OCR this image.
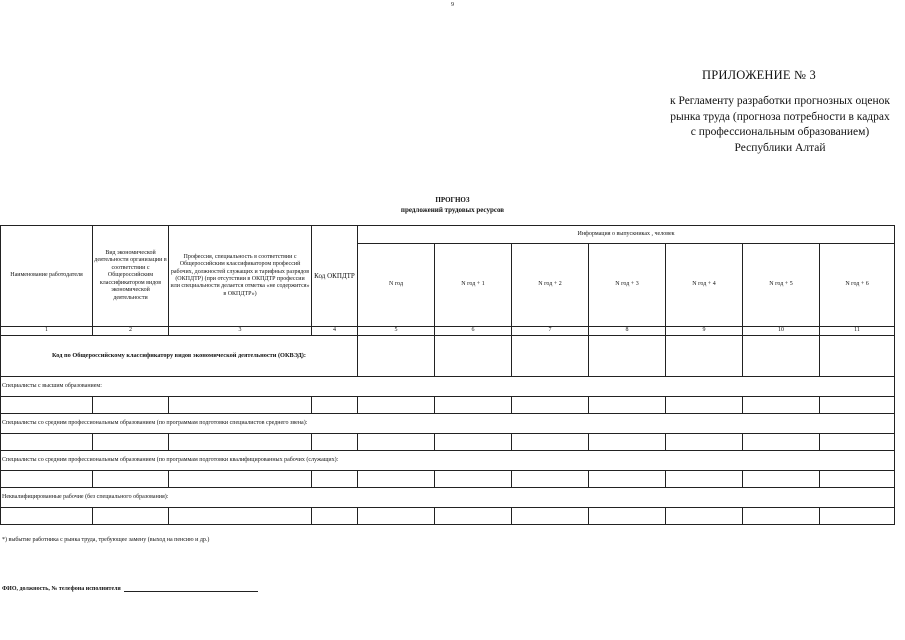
9
ПРИЛОЖЕНИЕ № 3
к Регламенту разработки прогнозных оценок рынка труда (прогноза потребности в кадрах с профессиональным образованием) Республики Алтай
ПРОГНОЗ
предложений трудовых ресурсов
Наименование работодателя	Вид экономической деятельности организации в соответствии с Общероссийским классификатором видов экономической деятельности	Профессия, специальность в соответствии с Общероссийским классификатором профессий рабочих, должностей служащих и тарифных разрядов (ОКПДТР) (при отсутствии в ОКПДТР профессии или специальности делается отметка «не содержится» в ОКПДТР»)	Код ОКПДТР	Информация о выпускниках , человек						
				N год	N год + 1	N год + 2	N год + 3	N год + 4	N год + 5	N год + 6
1	2	3	4	5	6	7	8	9	10	11
Код по Общероссийскому классификатору видов экономической деятельности (ОКВЭД):										
Специалисты с высшим образованием:										

Специалисты со средним профессиональным образованием (по программам подготовки специалистов среднего звена):										

Специалисты со средним профессиональным образованием (по программам подготовки квалифицированных рабочих (служащих):										

Неквалифицированные рабочие (без специального образования):										

*) выбытие работника с рынка труда, требующее замену (выход на пенсию и др.)
ФИО, должность, № телефона исполнителя
